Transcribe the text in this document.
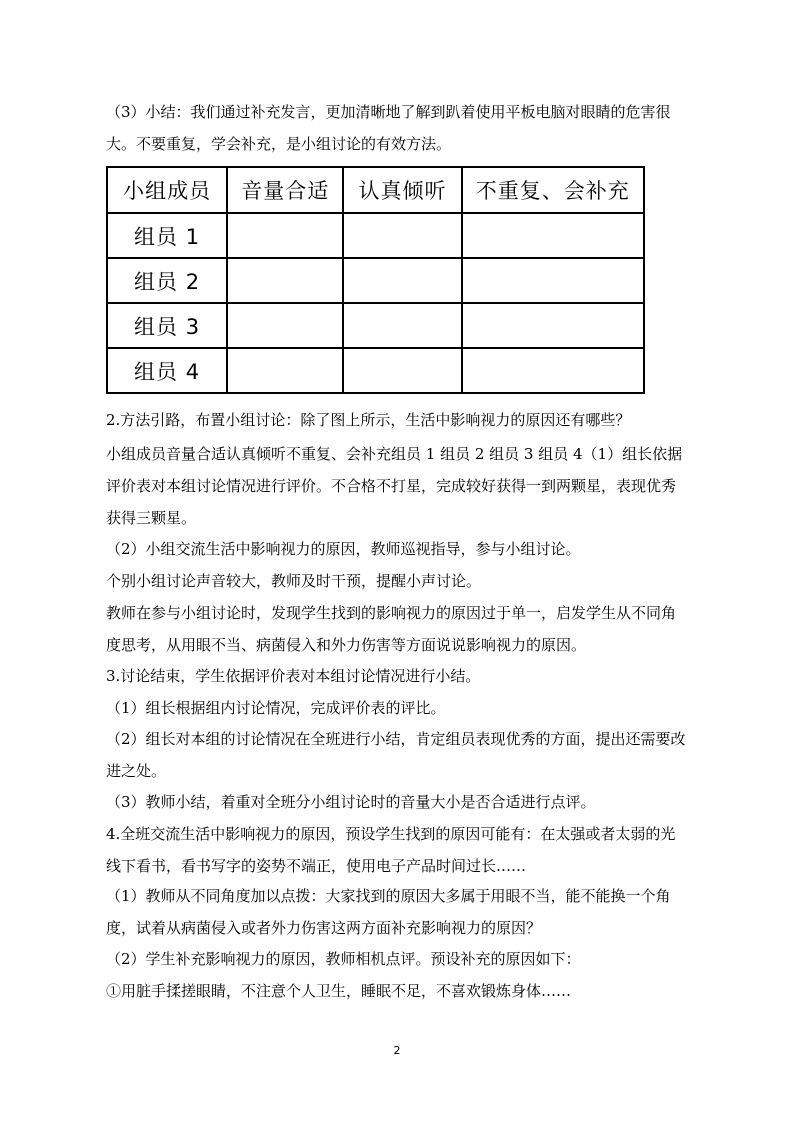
（3）小结：我们通过补充发言，更加清晰地了解到趴着使用平板电脑对眼睛的危害很大。不要重复，学会补充，是小组讨论的有效方法。

小组成员	音量合适	认真倾听	不重复、会补充
组员 1			
组员 2			
组员 3			
组员 4			

2.方法引路，布置小组讨论：除了图上所示，生活中影响视力的原因还有哪些？

小组成员音量合适认真倾听不重复、会补充组员 1 组员 2 组员 3 组员 4（1）组长依据评价表对本组讨论情况进行评价。不合格不打星，完成较好获得一到两颗星，表现优秀获得三颗星。

（2）小组交流生活中影响视力的原因，教师巡视指导，参与小组讨论。

个别小组讨论声音较大，教师及时干预，提醒小声讨论。

教师在参与小组讨论时，发现学生找到的影响视力的原因过于单一，启发学生从不同角度思考，从用眼不当、病菌侵入和外力伤害等方面说说影响视力的原因。

3.讨论结束，学生依据评价表对本组讨论情况进行小结。

（1）组长根据组内讨论情况，完成评价表的评比。

（2）组长对本组的讨论情况在全班进行小结，肯定组员表现优秀的方面，提出还需要改进之处。

（3）教师小结，着重对全班分小组讨论时的音量大小是否合适进行点评。

4.全班交流生活中影响视力的原因，预设学生找到的原因可能有：在太强或者太弱的光线下看书，看书写字的姿势不端正，使用电子产品时间过长……

（1）教师从不同角度加以点拨：大家找到的原因大多属于用眼不当，能不能换一个角度，试着从病菌侵入或者外力伤害这两方面补充影响视力的原因？

（2）学生补充影响视力的原因，教师相机点评。预设补充的原因如下：

①用脏手揉搓眼睛，不注意个人卫生，睡眠不足，不喜欢锻炼身体……

2
